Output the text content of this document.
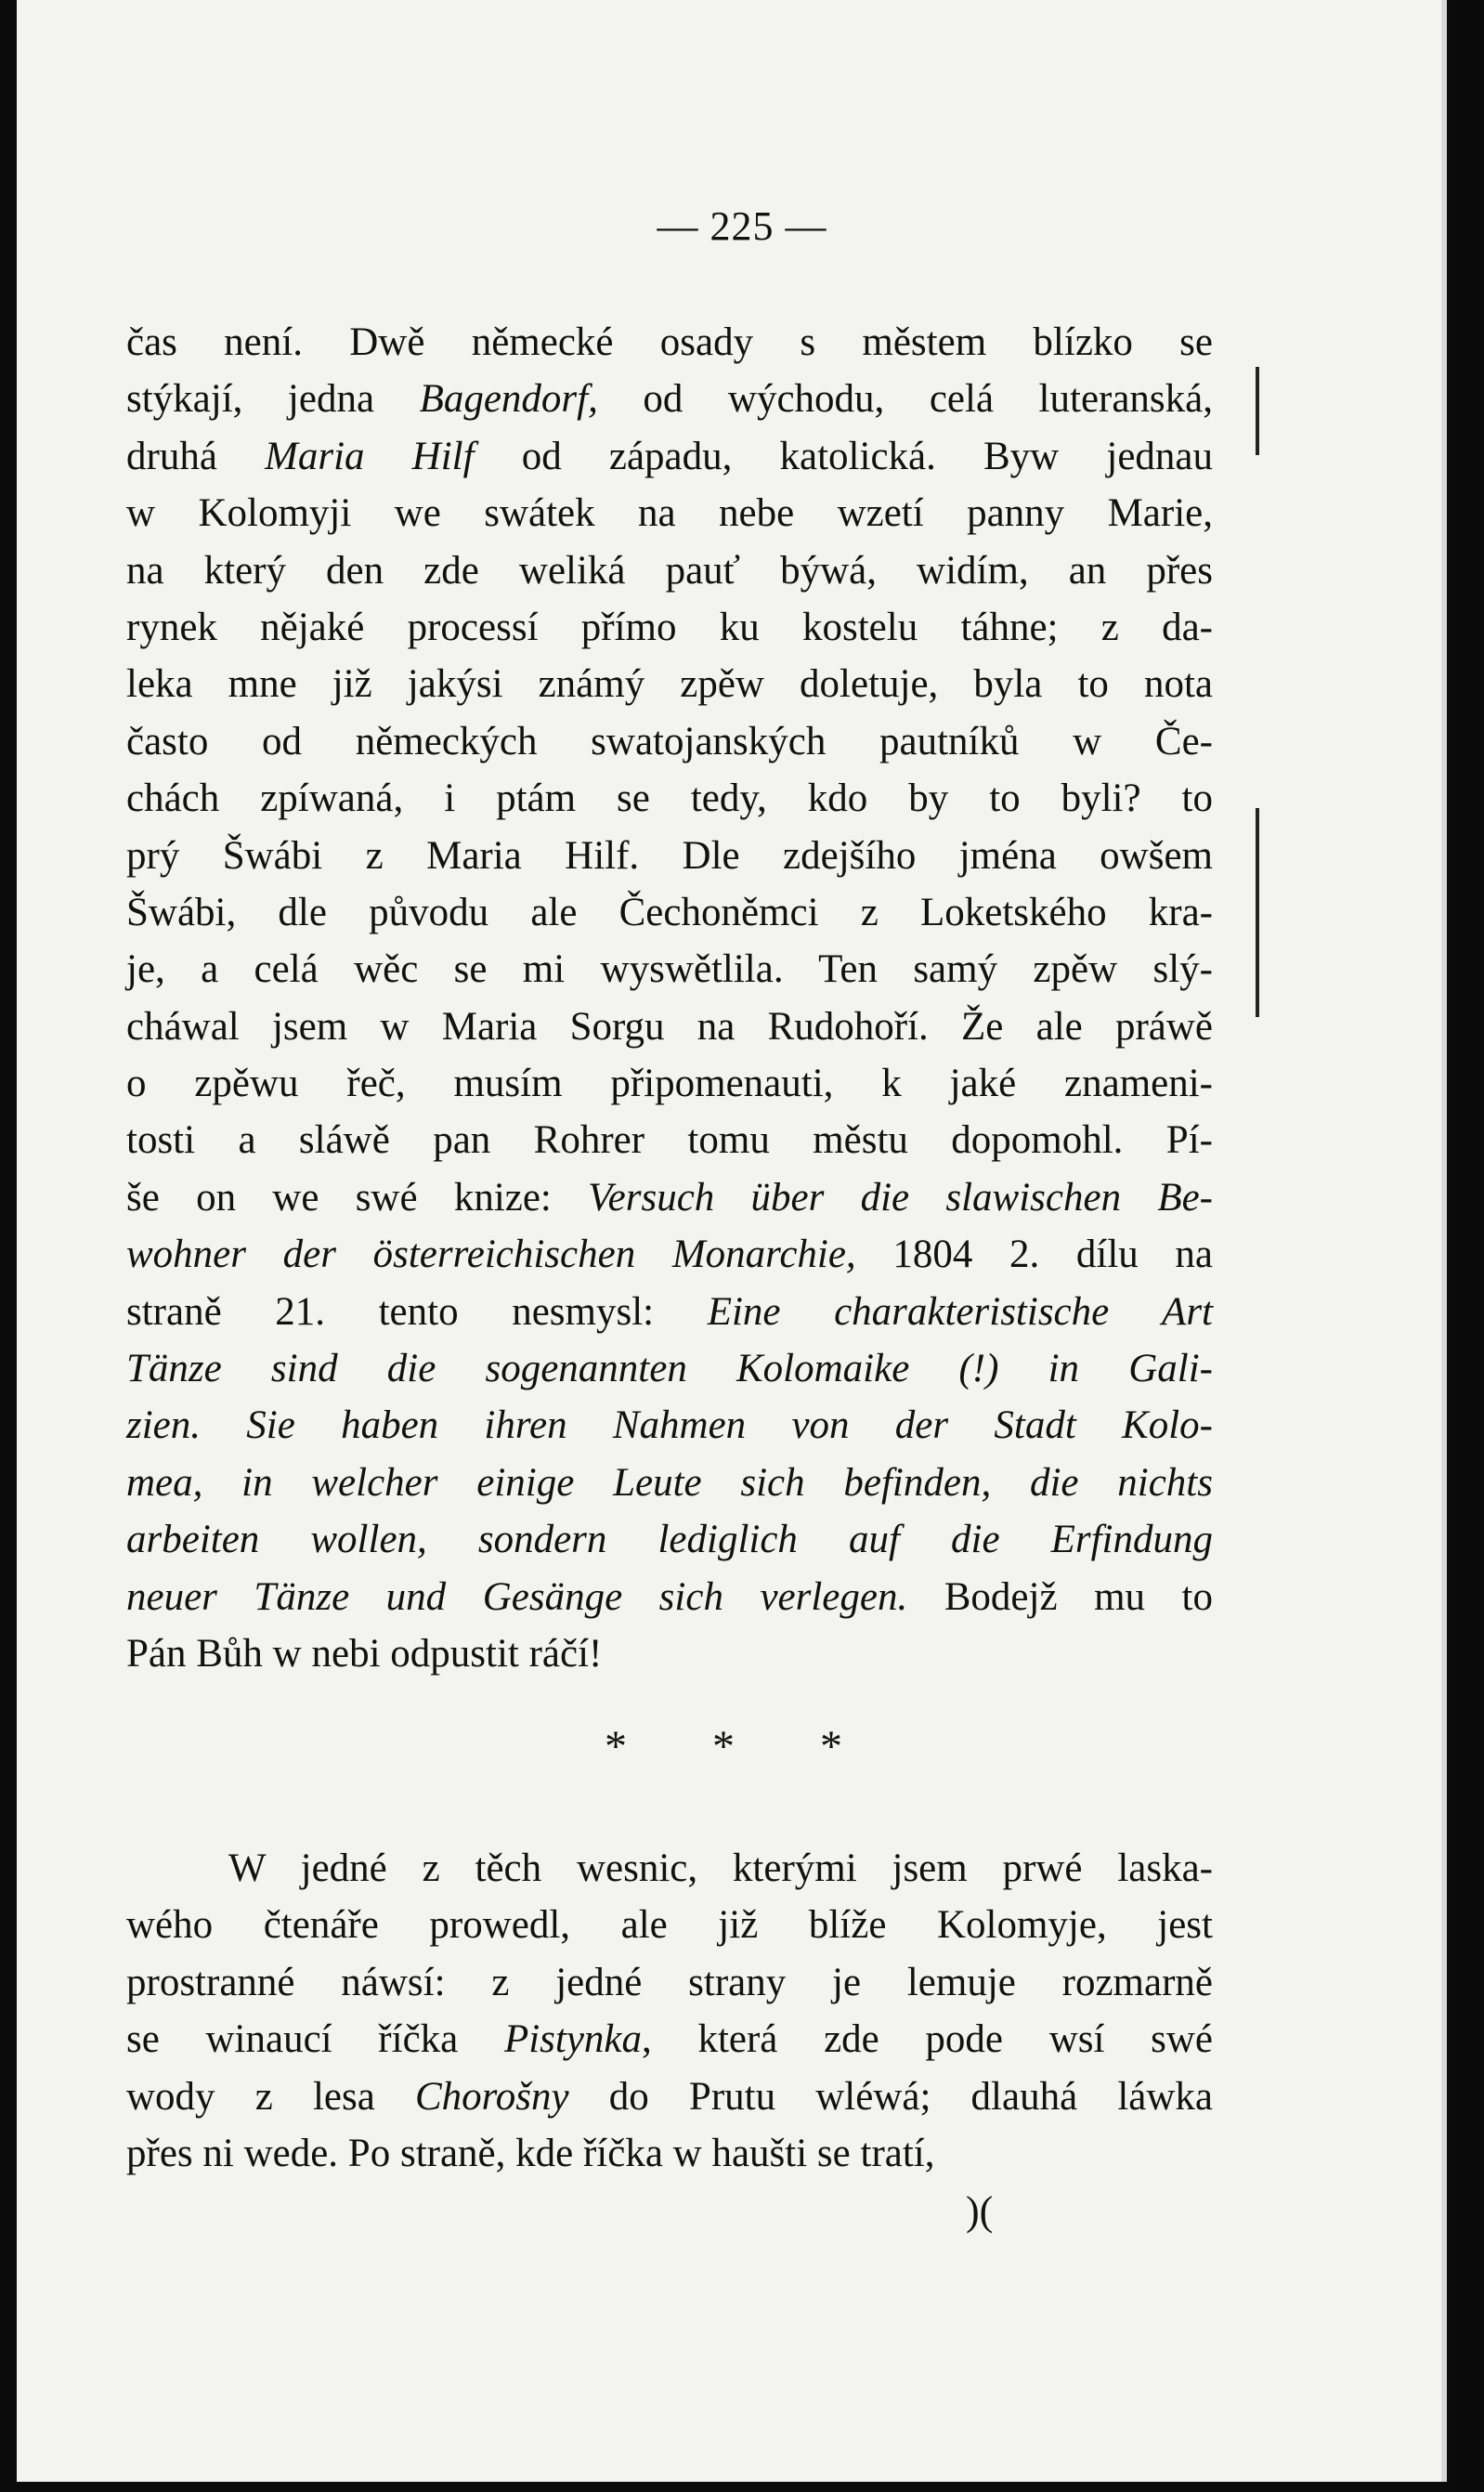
— 225 —
čas není. Dwě německé osady s městem blízko se
stýkají, jedna Bagendorf, od wýchodu, celá luteranská,
druhá Maria Hilf od západu, katolická. Byw jednau
w Kolomyji we swátek na nebe wzetí panny Marie,
na který den zde weliká pauť býwá, widím, an přes
rynek nějaké processí přímo ku kostelu táhne; z da-
leka mne již jakýsi známý zpěw doletuje, byla to nota
často od německých swatojanských pautníků w Če-
chách zpíwaná, i ptám se tedy, kdo by to byli? to
prý Šwábi z Maria Hilf. Dle zdejšího jména owšem
Šwábi, dle původu ale Čechoněmci z Loketského kra-
je, a celá wěc se mi wyswětlila. Ten samý zpěw slý-
cháwal jsem w Maria Sorgu na Rudohoří. Že ale práwě
o zpěwu řeč, musím připomenauti, k jaké znameni-
tosti a sláwě pan Rohrer tomu městu dopomohl. Pí-
še on we swé knize: Versuch über die slawischen Be-
wohner der österreichischen Monarchie, 1804 2. dílu na
straně 21. tento nesmysl: Eine charakteristische Art
Tänze sind die sogenannten Kolomaike (!) in Gali-
zien. Sie haben ihren Nahmen von der Stadt Kolo-
mea, in welcher einige Leute sich befinden, die nichts
arbeiten wollen, sondern lediglich auf die Erfindung
neuer Tänze und Gesänge sich verlegen. Bodejž mu to
Pán Bůh w nebi odpustit ráčí!
* * *
W jedné z těch wesnic, kterými jsem prwé laska-
wého čtenáře prowedl, ale již blíže Kolomyje, jest
prostranné náwsí: z jedné strany je lemuje rozmarně
se winaucí říčka Pistynka, která zde pode wsí swé
wody z lesa Chorošny do Prutu wléwá; dlauhá láwka
přes ni wede. Po straně, kde říčka w haušti se tratí,
)(
